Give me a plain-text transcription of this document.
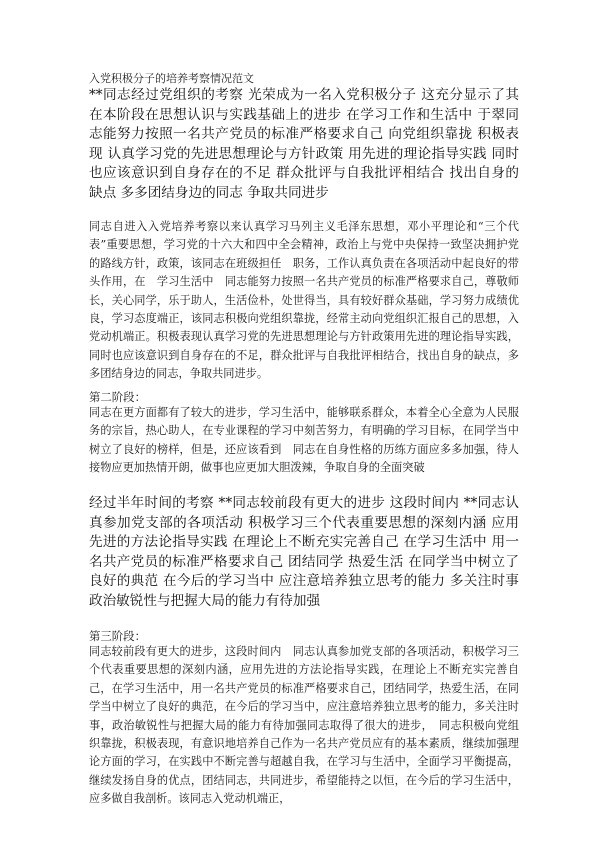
入党积极分子的培养考察情况范文

**同志经过党组织的考察 光荣成为一名入党积极分子 这充分显示了其在本阶段在思想认识与实践基础上的进步 在学习工作和生活中 于翠同志能努力按照一名共产党员的标准严格要求自己 向党组织靠拢 积极表现 认真学习党的先进思想理论与方针政策 用先进的理论指导实践 同时 也应该意识到自身存在的不足 群众批评与自我批评相结合 找出自身的缺点 多多团结身边的同志 争取共同进步

同志自进入入党培养考察以来认真学习马列主义毛泽东思想，邓小平理论和“三个代表”重要思想，学习党的十六大和四中全会精神，政治上与党中央保持一致坚决拥护党的路线方针，政策，该同志在班级担任　职务，工作认真负责在各项活动中起良好的带头作用，在　学习生活中　同志能努力按照一名共产党员的标准严格要求自己，尊敬师长，关心同学，乐于助人，生活俭朴，处世得当，具有较好群众基础，学习努力成绩优良，学习态度端正，该同志积极向党组织靠拢，经常主动向党组织汇报自己的思想，入党动机端正。积极表现认真学习党的先进思想理论与方针政策用先进的理论指导实践，同时也应该意识到自身存在的不足，群众批评与自我批评相结合，找出自身的缺点，多多团结身边的同志，争取共同进步。

第二阶段：

同志在更方面都有了较大的进步，学习生活中，能够联系群众，本着全心全意为人民服务的宗旨，热心助人，在专业课程的学习中刻苦努力，有明确的学习目标，在同学当中树立了良好的榜样，但是，还应该看到　同志在自身性格的历练方面应多多加强，待人接物应更加热情开朗，做事也应更加大胆泼辣，争取自身的全面突破

经过半年时间的考察 **同志较前段有更大的进步 这段时间内 **同志认真参加党支部的各项活动 积极学习三个代表重要思想的深刻内涵 应用先进的方法论指导实践 在理论上不断充实完善自己 在学习生活中 用一名共产党员的标准严格要求自己 团结同学 热爱生活 在同学当中树立了良好的典范 在今后的学习当中 应注意培养独立思考的能力 多关注时事 政治敏锐性与把握大局的能力有待加强

第三阶段：

同志较前段有更大的进步，这段时间内　同志认真参加党支部的各项活动，积极学习三个代表重要思想的深刻内涵，应用先进的方法论指导实践，在理论上不断充实完善自己，在学习生活中，用一名共产党员的标准严格要求自己，团结同学，热爱生活，在同学当中树立了良好的典范，在今后的学习当中，应注意培养独立思考的能力，多关注时事，政治敏锐性与把握大局的能力有待加强同志取得了很大的进步，　同志积极向党组织靠拢，积极表现，有意识地培养自己作为一名共产党员应有的基本素质，继续加强理论方面的学习，在实践中不断完善与超越自我，在学习与生活中，全面学习平衡提高，继续发扬自身的优点，团结同志，共同进步，希望能持之以恒，在今后的学习生活中，应多做自我剖析。该同志入党动机端正，
